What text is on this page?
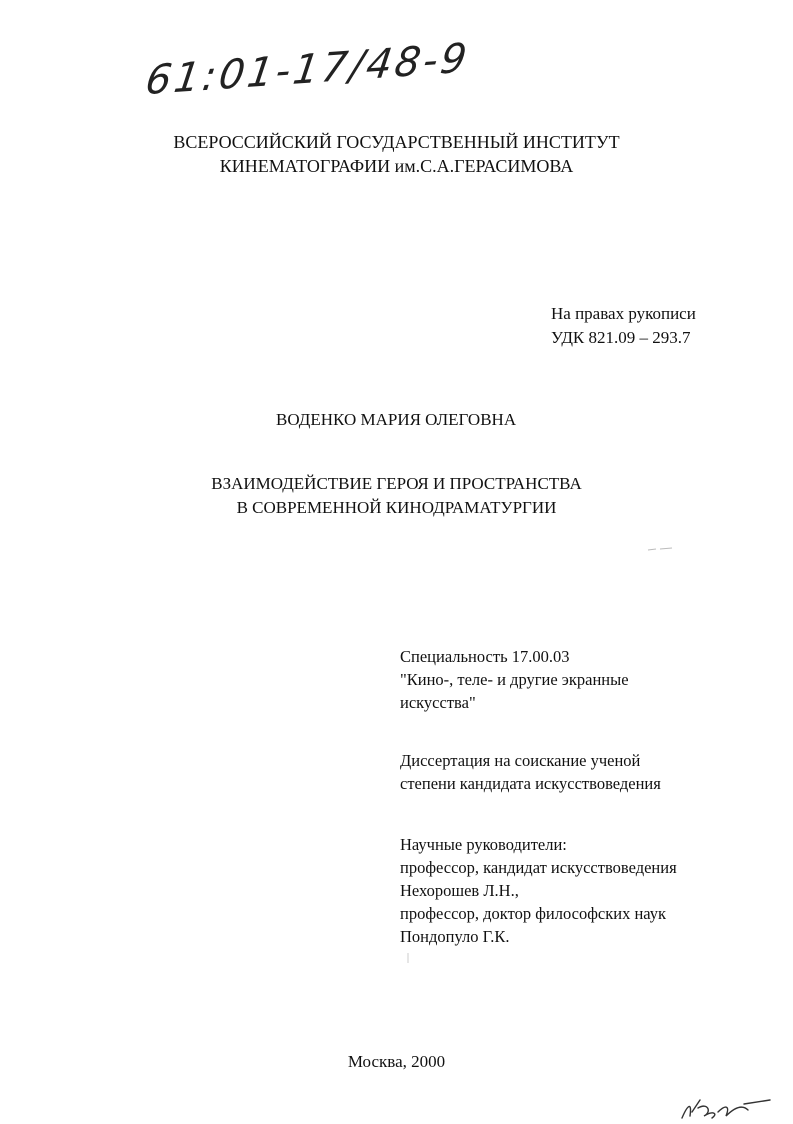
61:01-17/48-9
ВСЕРОССИЙСКИЙ ГОСУДАРСТВЕННЫЙ ИНСТИТУТ
КИНЕМАТОГРАФИИ им.С.А.ГЕРАСИМОВА
На правах рукописи
УДК 821.09 – 293.7
ВОДЕНКО МАРИЯ ОЛЕГОВНА
ВЗАИМОДЕЙСТВИЕ ГЕРОЯ И ПРОСТРАНСТВА
В СОВРЕМЕННОЙ КИНОДРАМАТУРГИИ
Специальность 17.00.03
"Кино-, теле- и другие экранные
искусства"
Диссертация на соискание ученой
степени кандидата искусствоведения
Научные руководители:
профессор, кандидат искусствоведения
Нехорошев Л.Н.,
профессор, доктор философских наук
Пондопуло Г.К.
Москва, 2000
